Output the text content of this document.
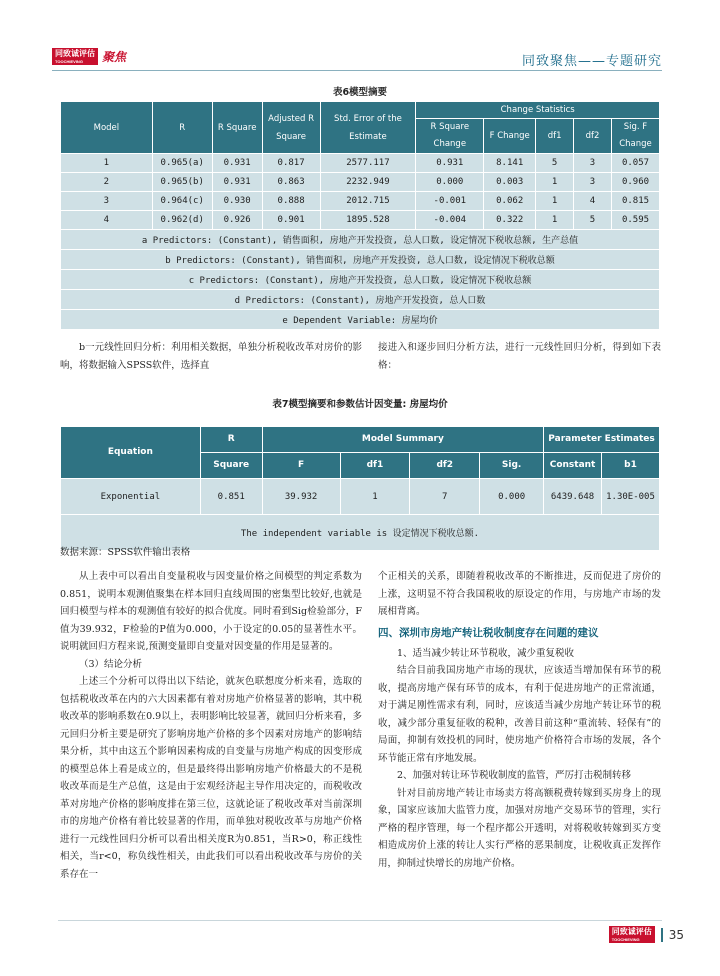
同致诚评估
TOOCHIEVING	聚焦	同致聚焦——专题研究
表6模型摘要
Model	R	R Square	Adjusted R Square	Std. Error of the Estimate	Change Statistics				
					R Square Change	F Change	df1	df2	Sig. F Change

1	0.965(a)	0.931	0.817	2577.117	0.931	8.141	5	3	0.057
2	0.965(b)	0.931	0.863	2232.949	0.000	0.003	1	3	0.960
3	0.964(c)	0.930	0.888	2012.715	-0.001	0.062	1	4	0.815
4	0.962(d)	0.926	0.901	1895.528	-0.004	0.322	1	5	0.595
a Predictors: (Constant), 销售面积, 房地产开发投资, 总人口数, 设定情况下税收总额, 生产总值									
b Predictors: (Constant), 销售面积, 房地产开发投资, 总人口数, 设定情况下税收总额									
c Predictors: (Constant), 房地产开发投资, 总人口数, 设定情况下税收总额									
d Predictors: (Constant), 房地产开发投资, 总人口数									
e Dependent Variable: 房屋均价									

b一元线性回归分析：利用相关数据，单独分析税收改革对房价的影响，将数据输入SPSS软件，选择直

接进入和逐步回归分析方法，进行一元线性回归分析，得到如下表格：

表7模型摘要和参数估计因变量: 房屋均价
Equation	R	Model Summary				Parameter Estimates	
	Square	F	df1	df2	Sig.	Constant	b1
Exponential	0.851	39.932	1	7	0.000	6439.648	1.30E-005
The independent variable is 设定情况下税收总额.							
数据来源：SPSS软件输出表格

从上表中可以看出自变量税收与因变量价格之间模型的判定系数为0.851，说明本观测值聚集在样本回归直线周围的密集型比较好,也就是回归模型与样本的观测值有较好的拟合优度。同时看到Sig检验部分，F值为39.932，F检验的P值为0.000，小于设定的0.05的显著性水平。说明就回归方程来说,预测变量即自变量对因变量的作用是显著的。

（3）结论分析

上述三个分析可以得出以下结论，就灰色联想度分析来看，选取的包括税收改革在内的六大因素都有着对房地产价格显著的影响，其中税收改革的影响系数在0.9以上，表明影响比较显著，就回归分析来看，多元回归分析主要是研究了影响房地产价格的多个因素对房地产的影响结果分析，其中由这五个影响因素构成的自变量与房地产构成的因变形成的模型总体上看是成立的，但是最终得出影响房地产价格最大的不是税收改革而是生产总值，这是由于宏观经济起主导作用决定的，而税收改革对房地产价格的影响度排在第三位，这就论证了税收改革对当前深圳市的房地产价格有着比较显著的作用，而单独对税收改革与房地产价格进行一元线性回归分析可以看出相关度R为0.851，当R>0，称正线性相关，当r<0，称负线性相关，由此我们可以看出税收改革与房价的关系存在一

个正相关的关系，即随着税收改革的不断推进，反而促进了房价的上涨，这明显不符合我国税收的原设定的作用，与房地产市场的发展相背离。

四、深圳市房地产转让税收制度存在问题的建议

1、适当减少转让环节税收，减少重复税收

结合目前我国房地产市场的现状，应该适当增加保有环节的税收，提高房地产保有环节的成本，有利于促进房地产的正常流通，对于满足刚性需求有利，同时，应该适当减少房地产转让环节的税收，减少部分重复征收的税种，改善目前这种“重流转、轻保有”的局面，抑制有效投机的同时，使房地产价格符合市场的发展，各个环节能正常有序地发展。

2、加强对转让环节税收制度的监管，严厉打击税制转移

针对目前房地产转让市场卖方将高额税费转嫁到买房身上的现象，国家应该加大监管力度，加强对房地产交易环节的管理，实行严格的程序管理，每一个程序都公开透明，对将税收转嫁到买方变相造成房价上涨的转让人实行严格的恶果制度，让税收真正发挥作用，抑制过快增长的房地产价格。

同致诚评估
TOOCHIEVING	35
